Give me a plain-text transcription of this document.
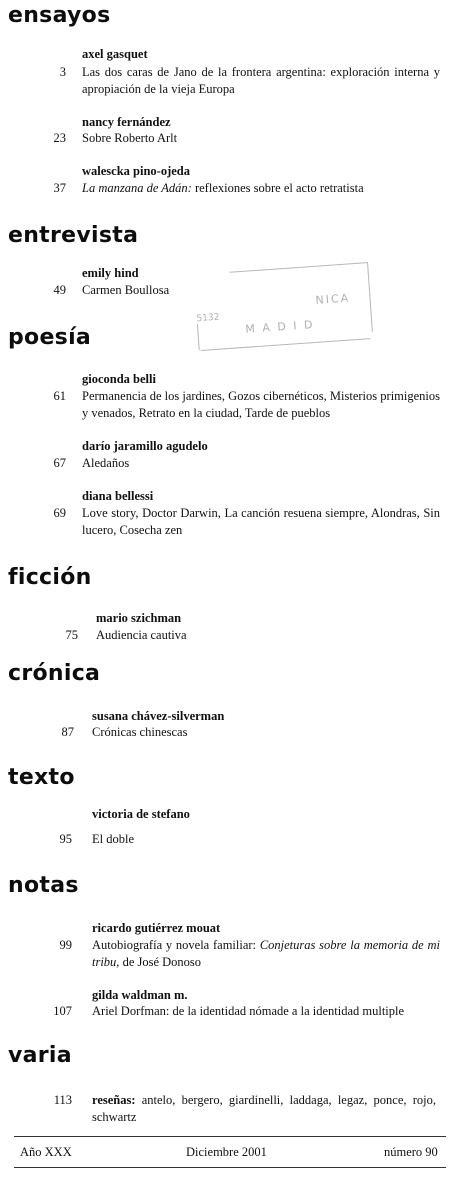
ensayos
axel gasquet
3 Las dos caras de Jano de la frontera argentina: exploración interna y apropiación de la vieja Europa
nancy fernández
23 Sobre Roberto Arlt
walescka pino-ojeda
37 La manzana de Adán: reflexiones sobre el acto retratista
entrevista
emily hind
49 Carmen Boullosa
NICA
M A D I D
5132
poesía
gioconda belli
61 Permanencia de los jardines, Gozos cibernéticos, Misterios primigenios y venados, Retrato en la ciudad, Tarde de pueblos
darío jaramillo agudelo
67 Aledaños
diana bellessi
69 Love story, Doctor Darwin, La canción resuena siempre, Alondras, Sin lucero, Cosecha zen
ficción
mario szichman
75 Audiencia cautiva
crónica
susana chávez-silverman
87 Crónicas chinescas
texto
victoria de stefano
95 El doble
notas
ricardo gutiérrez mouat
99 Autobiografía y novela familiar: Conjeturas sobre la memoria de mi tribu, de José Donoso
gilda waldman m.
107 Ariel Dorfman: de la identidad nómade a la identidad multiple
varia
113 reseñas: antelo, bergero, giardinelli, laddaga, legaz, ponce, rojo, schwartz
Año XXX	Diciembre 2001	número 90
